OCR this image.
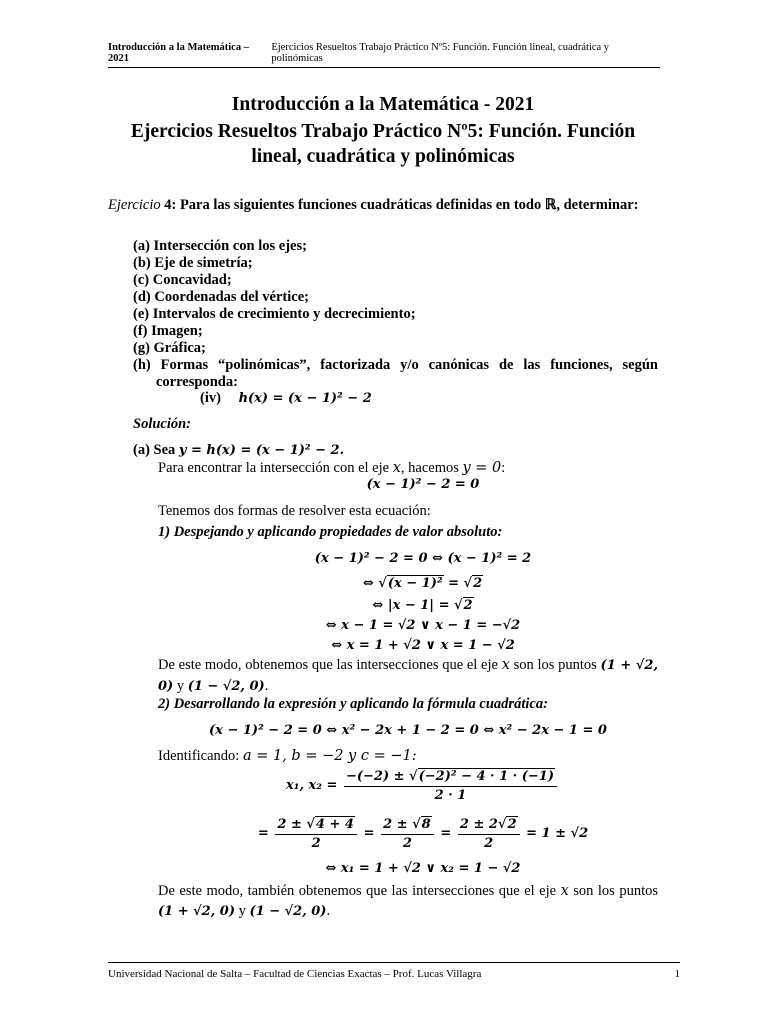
Introducción a la Matemática – 2021
Ejercicios Resueltos Trabajo Práctico Nº5: Función. Función lineal, cuadrática y polinómicas
Introducción a la Matemática - 2021
Ejercicios Resueltos Trabajo Práctico Nº5: Función. Función lineal, cuadrática y polinómicas
Ejercicio 4: Para las siguientes funciones cuadráticas definidas en todo ℝ, determinar:
(a) Intersección con los ejes;
(b) Eje de simetría;
(c) Concavidad;
(d) Coordenadas del vértice;
(e) Intervalos de crecimiento y decrecimiento;
(f) Imagen;
(g) Gráfica;
(h) Formas “polinómicas”, factorizada y/o canónicas de las funciones, según corresponda:
(iv) h(x) = (x − 1)² − 2
Solución:
(a) Sea y = h(x) = (x − 1)² − 2.
Para encontrar la intersección con el eje x, hacemos y = 0:
(x − 1)² − 2 = 0
Tenemos dos formas de resolver esta ecuación:
1) Despejando y aplicando propiedades de valor absoluto:
(x − 1)² − 2 = 0 ⇔ (x − 1)² = 2
⇔ √(x − 1)² = √2
⇔ |x − 1| = √2
⇔ x − 1 = √2 ∨ x − 1 = −√2
⇔ x = 1 + √2 ∨ x = 1 − √2
De este modo, obtenemos que las intersecciones que el eje x son los puntos (1 + √2, 0) y (1 − √2, 0).
2) Desarrollando la expresión y aplicando la fórmula cuadrática:
(x − 1)² − 2 = 0 ⇔ x² − 2x + 1 − 2 = 0 ⇔ x² − 2x − 1 = 0
Identificando: a = 1, b = −2 y c = −1:
x₁, $x_2 = \frac{\text{−(−2) ± √(−2)² − 4 · 1 · (−1)}}{2 \cdot 1}$
= $\frac{2 \pm √4 + 4}{2} = \frac{2 \pm √8}{2} = \frac{2 \pm 2√2}{2} = 1 \pm √2$
⇔ x₁ = 1 + √2 ∨ x₂ = 1 − √2
De este modo, también obtenemos que las intersecciones que el eje x son los puntos (1 + √2, 0) y (1 − √2, 0).
Universidad Nacional de Salta – Facultad de Ciencias Exactas – Prof. Lucas Villagra	1
